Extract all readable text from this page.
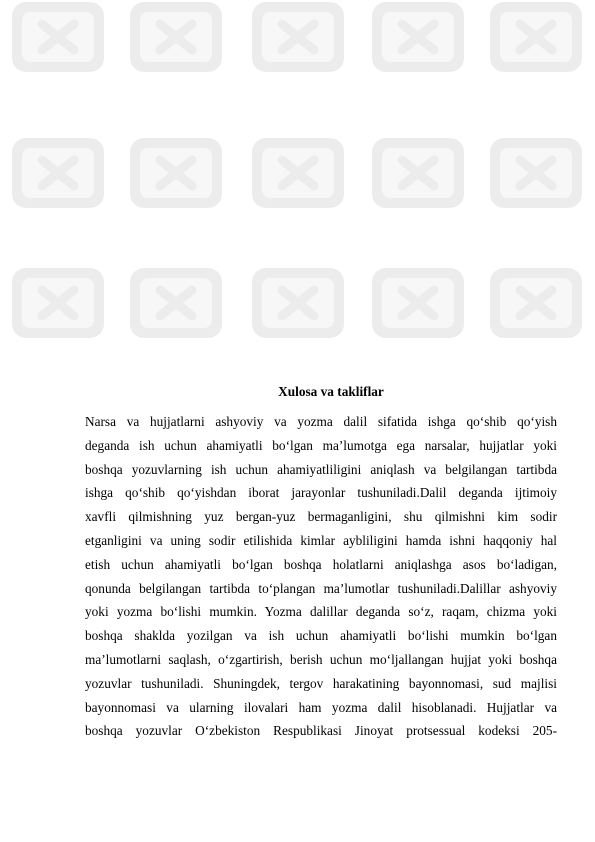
Xulosa va takliflar

Narsa va hujjatlarni ashyoviy va yozma dalil sifatida ishga qo‘shib qo‘yish

deganda ish uchun ahamiyatli bo‘lgan ma’lumotga ega narsalar, hujjatlar yoki

boshqa yozuvlarning ish uchun ahamiyatliligini aniqlash va belgilangan tartibda

ishga qo‘shib qo‘yishdan iborat jarayonlar tushuniladi.Dalil deganda ijtimoiy

xavfli qilmishning yuz bergan-yuz bermaganligini, shu qilmishni kim sodir

etganligini va uning sodir etilishida kimlar aybliligini hamda ishni haqqoniy hal

etish uchun ahamiyatli bo‘lgan boshqa holatlarni aniqlashga asos bo‘ladigan,

qonunda belgilangan tartibda to‘plangan ma’lumotlar tushuniladi.Dalillar ashyoviy

yoki yozma bo‘lishi mumkin. Yozma dalillar deganda so‘z, raqam, chizma yoki

boshqa shaklda yozilgan va ish uchun ahamiyatli bo‘lishi mumkin bo‘lgan

ma’lumotlarni saqlash, o‘zgartirish, berish uchun mo‘ljallangan hujjat yoki boshqa

yozuvlar tushuniladi. Shuningdek, tergov harakatining bayonnomasi, sud majlisi

bayonnomasi va ularning ilovalari ham yozma dalil hisoblanadi. Hujjatlar va

boshqa yozuvlar O‘zbekiston Respublikasi Jinoyat protsessual kodeksi 205-
